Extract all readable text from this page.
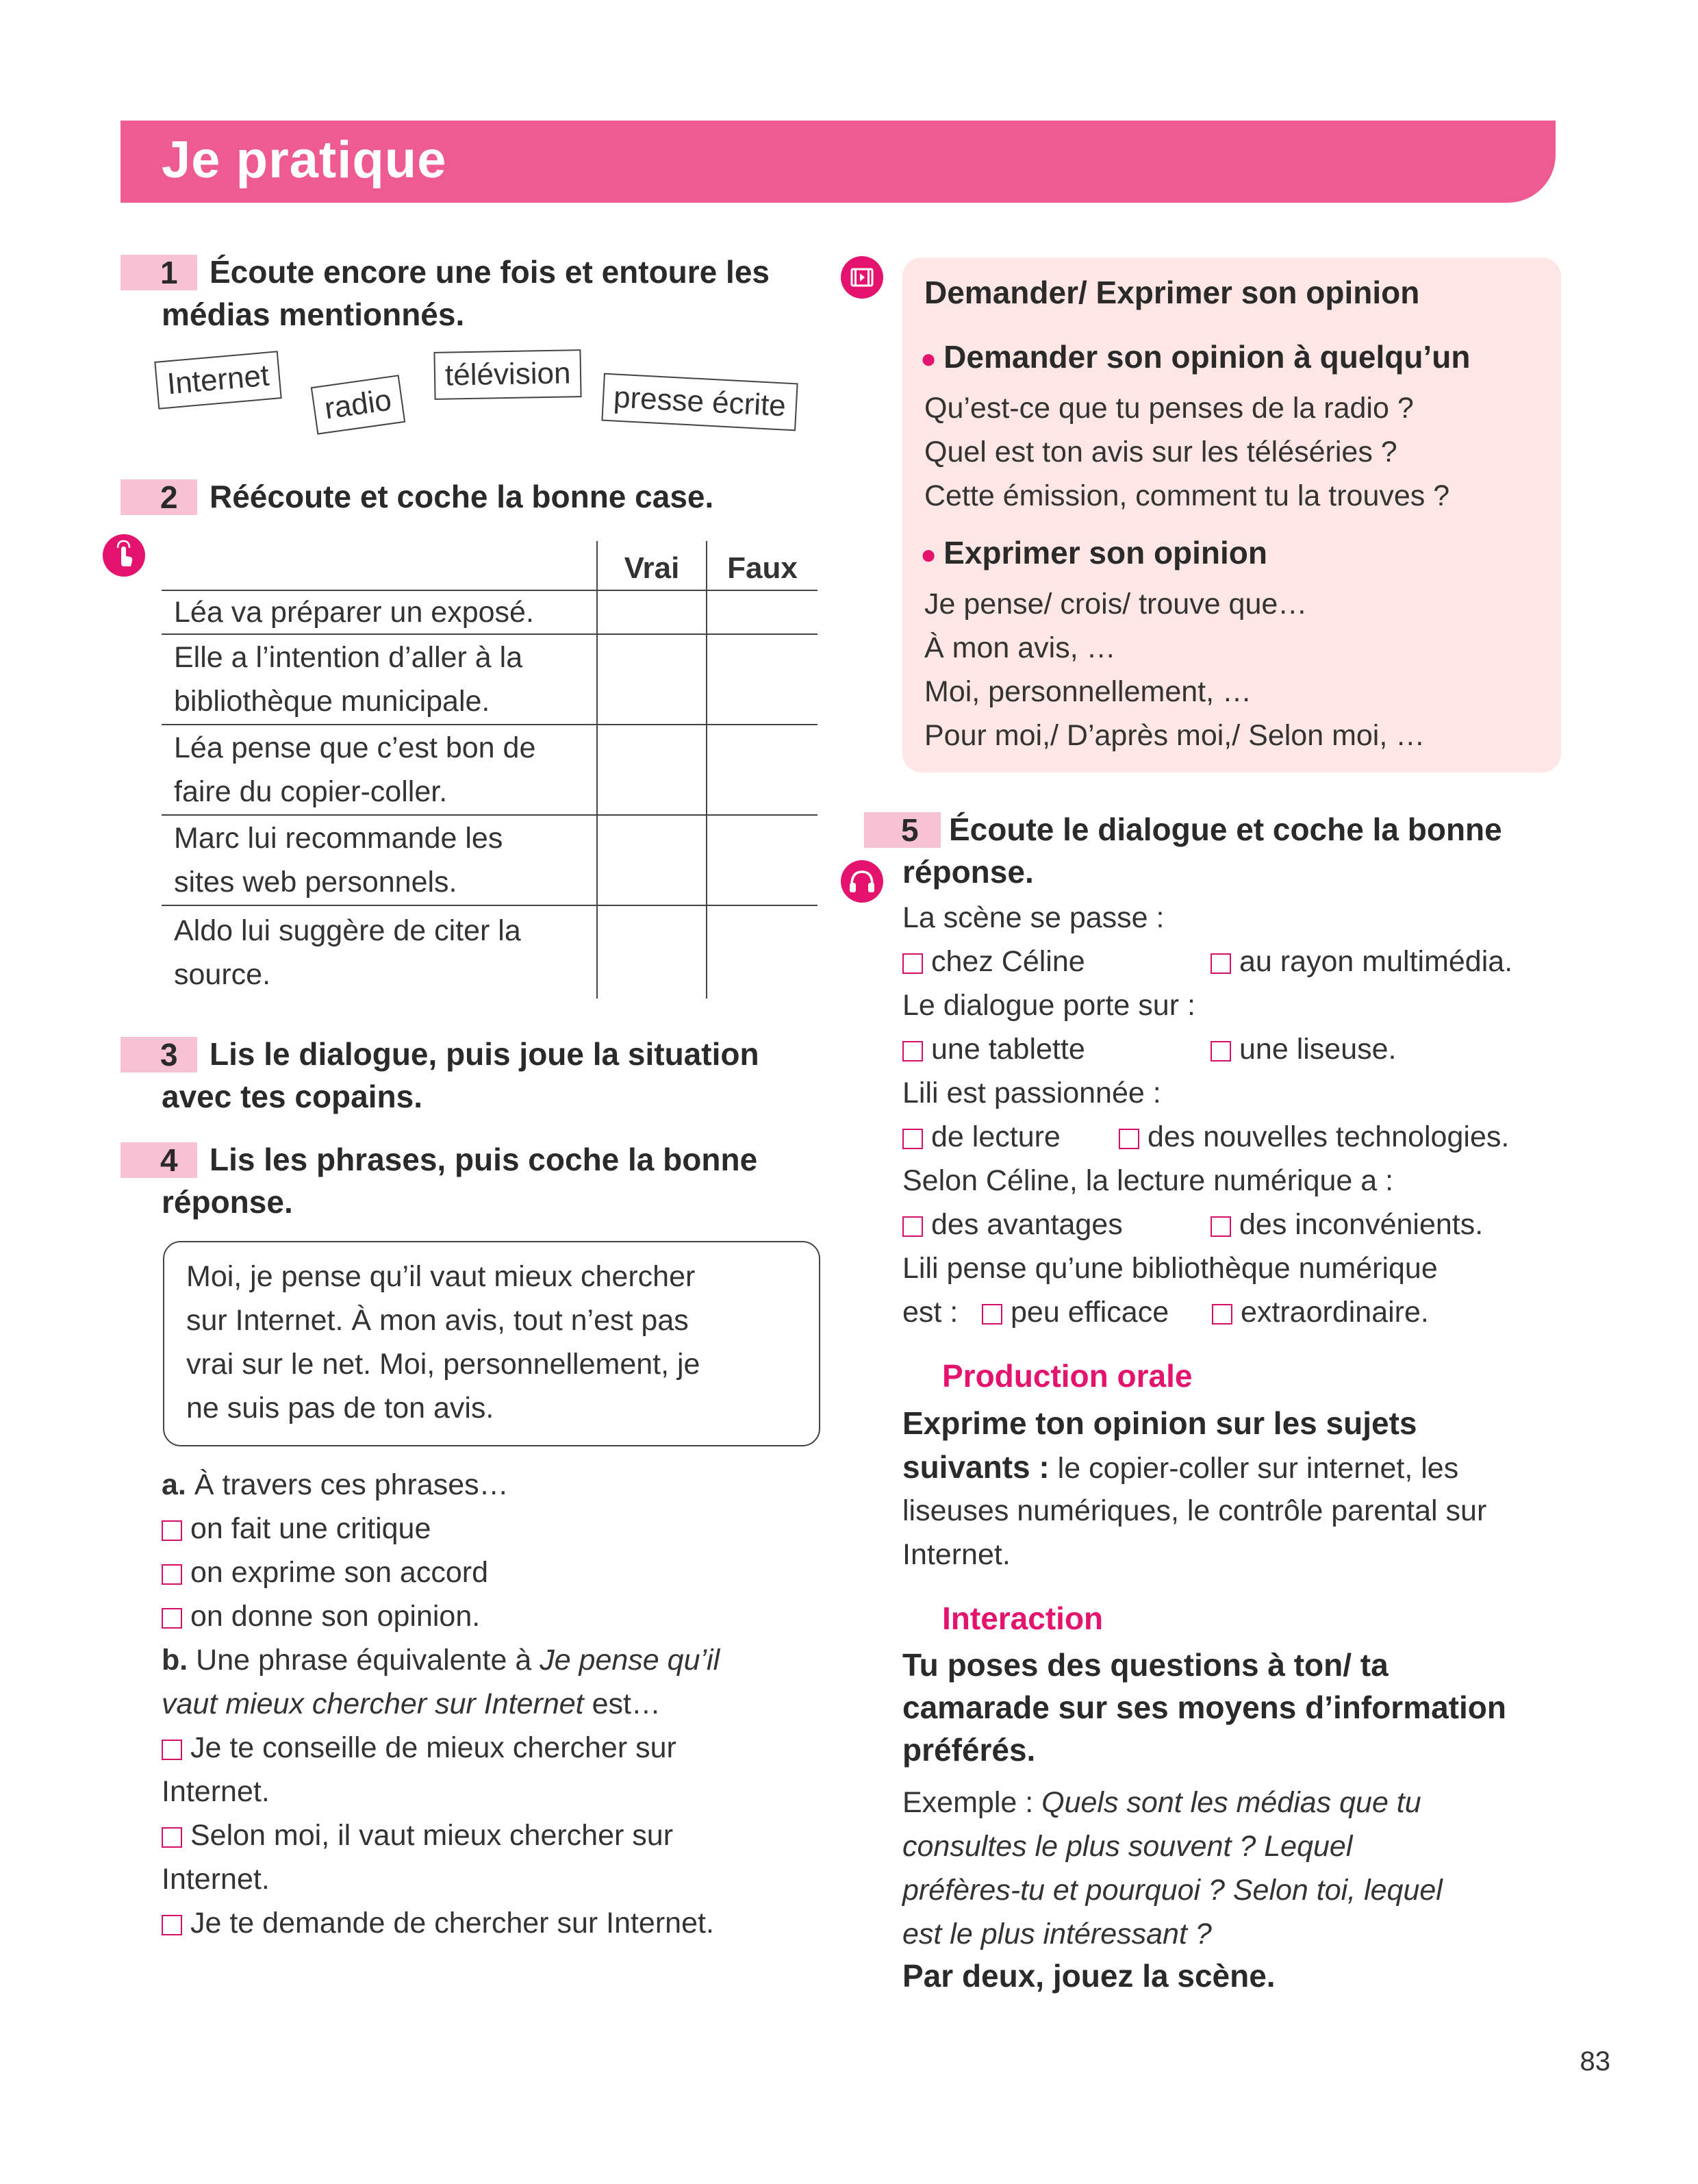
Je pratique
1	Écoute encore une fois et entoure les
médias mentionnés.
Internet
radio
télévision
presse écrite
2	Réécoute et coche la bonne case.
	Vrai	Faux
Léa va préparer un exposé.		

Elle a l’intention d’aller à la
bibliothèque municipale.		

Léa pense que c’est bon de
faire du copier-coller.		

Marc lui recommande les
sites web personnels.		

Aldo lui suggère de citer la
source.		

3	Lis le dialogue, puis joue la situation
avec tes copains.
4	Lis les phrases, puis coche la bonne
réponse.
Moi, je pense qu’il vaut mieux chercher
sur Internet. À mon avis, tout n’est pas
vrai sur le net. Moi, personnellement, je
ne suis pas de ton avis.
a. À travers ces phrases…
on fait une critique
on exprime son accord
on donne son opinion.
b. Une phrase équivalente à Je pense qu’il
vaut mieux chercher sur Internet est…
Je te conseille de mieux chercher sur
Internet.
Selon moi, il vaut mieux chercher sur
Internet.
Je te demande de chercher sur Internet.
Demander/ Exprimer son opinion
● Demander son opinion à quelqu’un
Qu’est-ce que tu penses de la radio ?
Quel est ton avis sur les téléséries ?
Cette émission, comment tu la trouves ?
● Exprimer son opinion
Je pense/ crois/ trouve que…
À mon avis, …
Moi, personnellement, …
Pour moi,/ D’après moi,/ Selon moi, …
5 Écoute le dialogue et coche la bonne
réponse.
La scène se passe :
chez Céline	au rayon multimédia.
Le dialogue porte sur :
une tablette	une liseuse.
Lili est passionnée :
de lecture	des nouvelles technologies.
Selon Céline, la lecture numérique a :
des avantages	des inconvénients.
Lili pense qu’une bibliothèque numérique
est :	peu efficace	extraordinaire.
Production orale
Exprime ton opinion sur les sujets
suivants : le copier-coller sur internet, les
liseuses numériques, le contrôle parental sur
Internet.
Interaction
Tu poses des questions à ton/ ta
camarade sur ses moyens d’information
préférés.
Exemple : Quels sont les médias que tu
consultes le plus souvent ? Lequel
préfères-tu et pourquoi ? Selon toi, lequel
est le plus intéressant ?
Par deux, jouez la scène.
83
